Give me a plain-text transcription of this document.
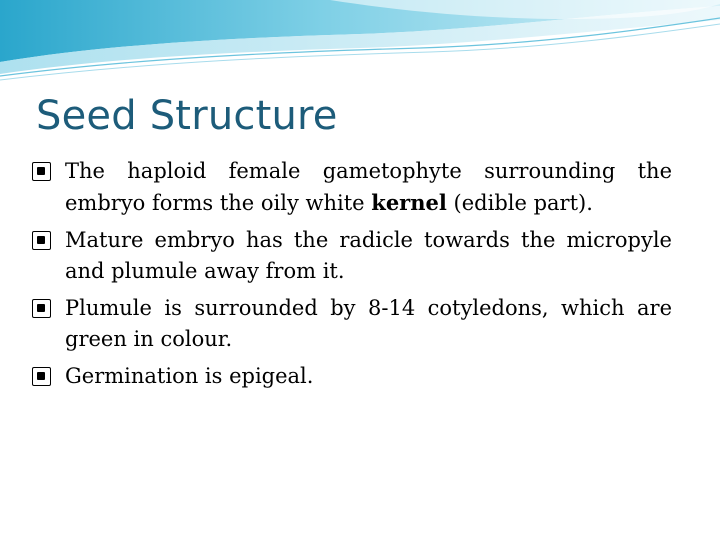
Seed Structure
The haploid female gametophyte surrounding the embryo forms the oily white kernel (edible part).
Mature embryo has the radicle towards the micropyle and plumule away from it.
Plumule is surrounded by 8-14 cotyledons, which are green in colour.
Germination is epigeal.
